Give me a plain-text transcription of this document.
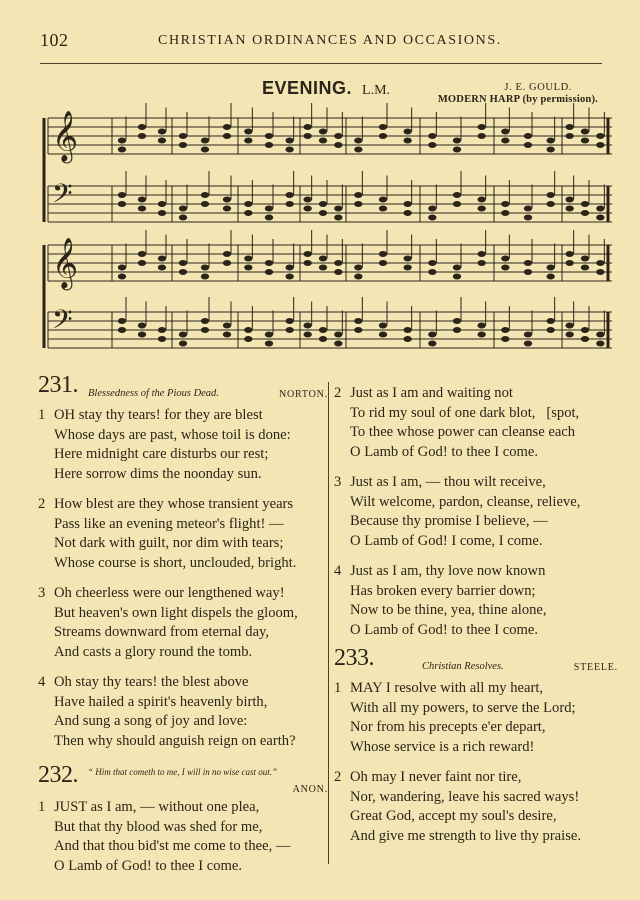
102	CHRISTIAN ORDINANCES AND OCCASIONS.
EVENING. L.M.	J. E. GOULD.
MODERN HARP (by permission).
𝄞
𝄢
𝄞
𝄢
231. Blessedness of the Pious Dead.	NORTON.
1 OH stay thy tears! for they are blest
Whose days are past, whose toil is done:
Here midnight care disturbs our rest;
Here sorrow dims the noonday sun.
2 How blest are they whose transient years
Pass like an evening meteor's flight! —
Not dark with guilt, nor dim with tears;
Whose course is short, unclouded, bright.
3 Oh cheerless were our lengthened way!
But heaven's own light dispels the gloom,
Streams downward from eternal day,
And casts a glory round the tomb.
4 Oh stay thy tears! the blest above
Have hailed a spirit's heavenly birth,
And sung a song of joy and love:
Then why should anguish reign on earth?
232. “ Him that cometh to me, I will in no wise cast out.”
ANON.
1 JUST as I am, — without one plea,
But that thy blood was shed for me,
And that thou bid'st me come to thee, —
O Lamb of God! to thee I come.
2 Just as I am and waiting not
To rid my soul of one dark blot,   [spot,
To thee whose power can cleanse each
O Lamb of God! to thee I come.
3 Just as I am, — thou wilt receive,
Wilt welcome, pardon, cleanse, relieve,
Because thy promise I believe, —
O Lamb of God! I come, I come.
4 Just as I am, thy love now known
Has broken every barrier down;
Now to be thine, yea, thine alone,
O Lamb of God! to thee I come.
233.	Christian Resolves.	STEELE.
1 MAY I resolve with all my heart,
With all my powers, to serve the Lord;
Nor from his precepts e'er depart,
Whose service is a rich reward!
2 Oh may I never faint nor tire,
Nor, wandering, leave his sacred ways!
Great God, accept my soul's desire,
And give me strength to live thy praise.
